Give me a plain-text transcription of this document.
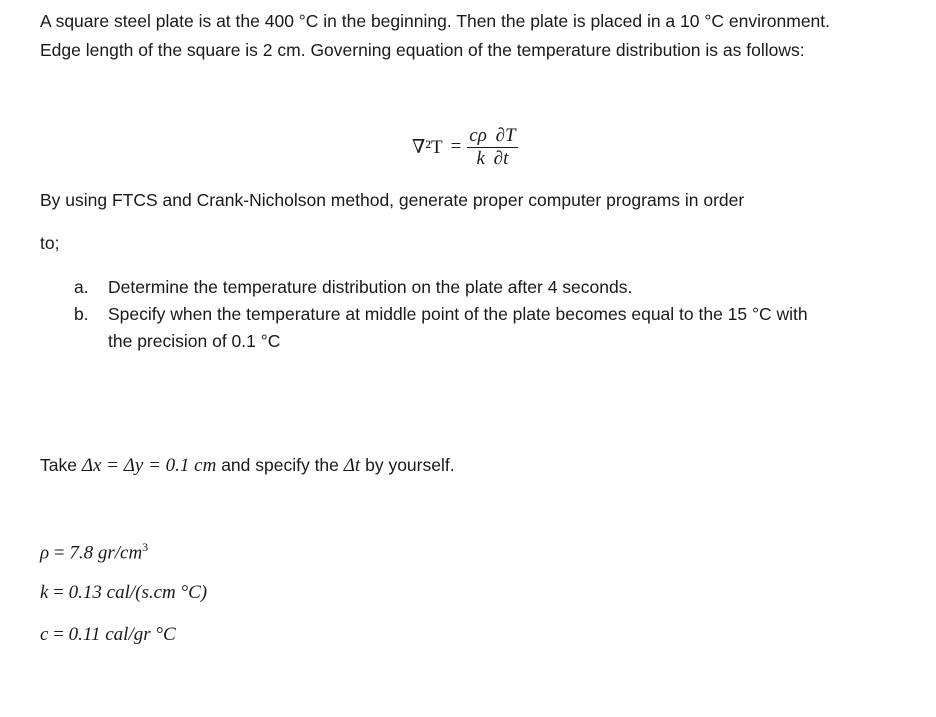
A square steel plate is at the 400 °C in the beginning. Then the plate is placed in a 10 °C environment.
Edge length of the square is 2 cm. Governing equation of the temperature distribution is as follows:
$\nabla^2T = \frac{c\rho \partial T}{k \partial t}$
By using FTCS and Crank-Nicholson method, generate proper computer programs in order
to;
a.	Determine the temperature distribution on the plate after 4 seconds.
b.	Specify when the temperature at middle point of the plate becomes equal to the 15 °C with the precision of 0.1 °C
Take Δx = Δy = 0.1 cm and specify the Δt by yourself.
ρ = 7.8 $gr/cm^3$
k = 0.13 cal/(s.cm °C)
c = 0.11 cal/gr °C
